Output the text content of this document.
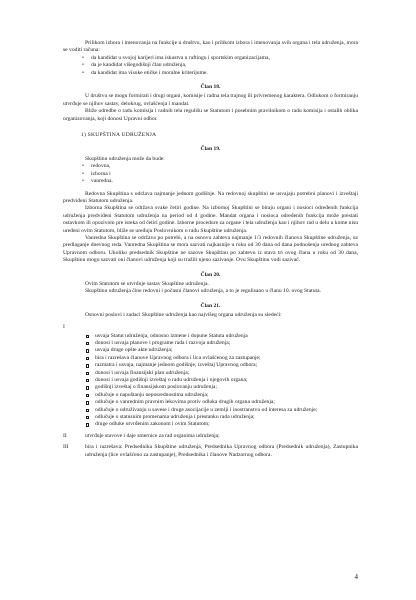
Prilikom izbora i imenovanja na funkcije u društvu, kao i prilikom izbora i imenovanja svih organa i tela udruženja, mora se voditi računa:

• da kandidat u svojoj karijeri ima iskustva u raftingu i sportskim organizacijama,
• da je kandidat višegodišnji član udruženja,
• da kandidat ima visoke etičke i moralne kriterijume.

Član 18.

U društvu se mogu formirati i drugi organi, komisije i radna tela trajnog ili privremenog karaktera. Odlukom o formiranju utvrđuje se njihov sastav, delokrug, ovlašćenja i mandat.

Bliže odredbe o radu komisija i radnih tela regulišu se Statutom i posebnim pravilnikom o radu komisija i ostalih oblika organizovanja, koji donosi Upravni odbor.

1) SKUPŠTINA UDRUŽENJA

Član 19.

Skupštinu udruženja može da bude:

• redovna,
• izborna i
• vanredna.

Redovna Skupština s održava najmanje jednom godišnje. Na redovnoj skupštini se usvajaju potrebni planovi i izveštaji predviđeni Statutom udruženja.

Izborna Skupština se održava svake četiri godine. Na izbornoj Skupštini se biraju organi i nosioci određenih funkcija udruženja predviđeni Statutom udruženja na period od 4 godine. Mandat organa i nosioca određenih funkcija može prestati ostavkom ili opozivom pre isteka od četiri godine. Izborne procedure za organe i tela udruženja kao i njihov rad u delu u kome nisu uređeni ovim Statutom, bliže se uređuju Poslovnikom o radu Skupštine udruženja.

Vanredna Skupština se održava po potrebi, a na osnovu zahteva najmanje 1/3 redovnih članova Skupštine udruženja, uz predlaganje dnevnog reda. Vanredna Skupština se mora sazvati najkasnije u roku od 30 dana od dana podnošenja urednog zahteva Upravnom odboru. Ukoliko predsednik Skupštine ne sazove Skupštinu po zahtevu iz stava tri ovog člana u roku od 30 dana, Skupštinu mogu sazvati oni članovi udruženja koji su tražili njeno sazivanje. Ovu Skupštinu vodi sazivač.

Član 20.

Ovim Statutom se utvrđuje sastav Skupštine udruženja.

Skupštinu udruženja čine redovni i počasni članovi udruženja, a to je regulisano u članu 10. ovog Statuta.

Član 21.

Osnovni poslovi i zadaci Skupštine udruženja kao najvišeg organa udruženja su sledeći:

I
usvaja Statut udruženja, odnosno izmene i dopune Statuta udruženja
donosi i usvaja planove i programe rada i razvoja udruženja;
usvaja druge opšte akte udruženja;
bira i razrešava članove Upravnog odbora i lica ovlašćenog za zastupanje;
razmatra i usvaja, najmanje jednom godišnje, izveštaj Upravnog odbora;
donosi i usvaja finansijski plan udruženja;
donosi i usvaja godišnji izveštaj o radu udruženja i njegovih organa;
godišnji izveštaj o finansijskom poslovanju udruženja;
odlučuje o napuštanju neposrednostima udruženja;
odlučuje o vanrednim pravnim lekovima protiv odluka drugih organa udruženja;
odlučuje o udruživanju u savese i druge asocijacije u zemlji i inostranstvu od interesa za udruženje;
odlučuje o statusnim promenama udruženja i prestanku rada udruženja;
druge odluke utvrđenim zakonom i ovim Statutom;
II	utvrđuje stavove i daje smernice za rad organima udruženja;

III	bira i razrešava: Predsednika Skupštine udruženja, Predsednika Upravnog odbora (Predsednik udruženja), Zastupnika udruženja (lice ovlašćeno za zastupanje), Predsednika i članove Nadzornog odbora.

4
